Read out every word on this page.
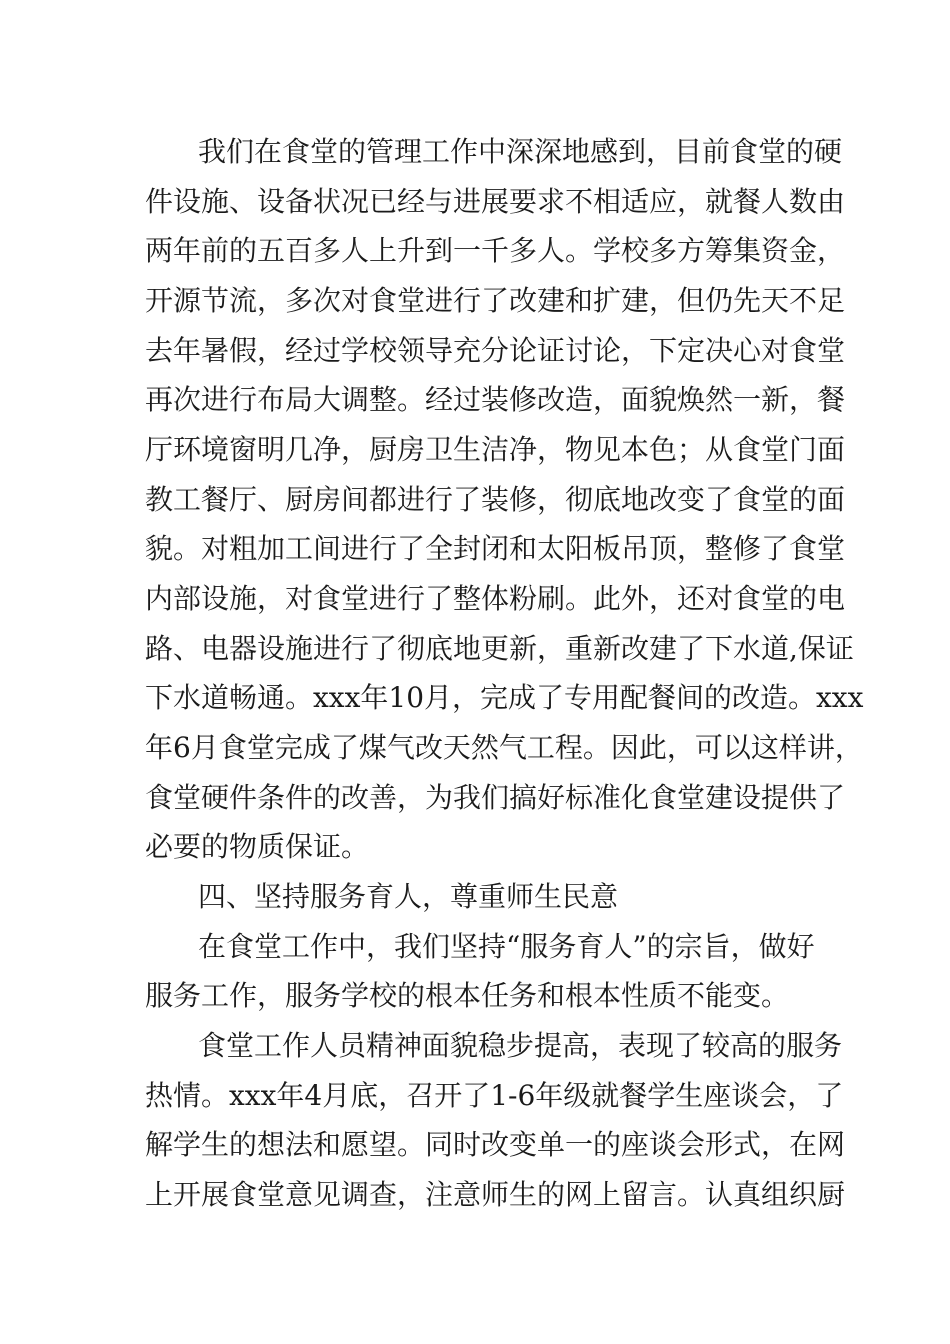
我们在食堂的管理工作中深深地感到，目前食堂的硬
件设施、设备状况已经与进展要求不相适应，就餐人数由
两年前的五百多人上升到一千多人。学校多方筹集资金，
开源节流，多次对食堂进行了改建和扩建，但仍先天不足
去年暑假，经过学校领导充分论证讨论，下定决心对食堂
再次进行布局大调整。经过装修改造，面貌焕然一新，餐
厅环境窗明几净，厨房卫生洁净，物见本色；从食堂门面
教工餐厅、厨房间都进行了装修，彻底地改变了食堂的面
貌。对粗加工间进行了全封闭和太阳板吊顶，整修了食堂
内部设施，对食堂进行了整体粉刷。此外，还对食堂的电
路、电器设施进行了彻底地更新，重新改建了下水道,保证
下水道畅通。xxx年10月，完成了专用配餐间的改造。xxx
年6月食堂完成了煤气改天然气工程。因此，可以这样讲，
食堂硬件条件的改善，为我们搞好标准化食堂建设提供了
必要的物质保证。
四、坚持服务育人，尊重师生民意
在食堂工作中，我们坚持“服务育人”的宗旨，做好
服务工作，服务学校的根本任务和根本性质不能变。
食堂工作人员精神面貌稳步提高，表现了较高的服务
热情。xxx年4月底，召开了1-6年级就餐学生座谈会，了
解学生的想法和愿望。同时改变单一的座谈会形式，在网
上开展食堂意见调查，注意师生的网上留言。认真组织厨
